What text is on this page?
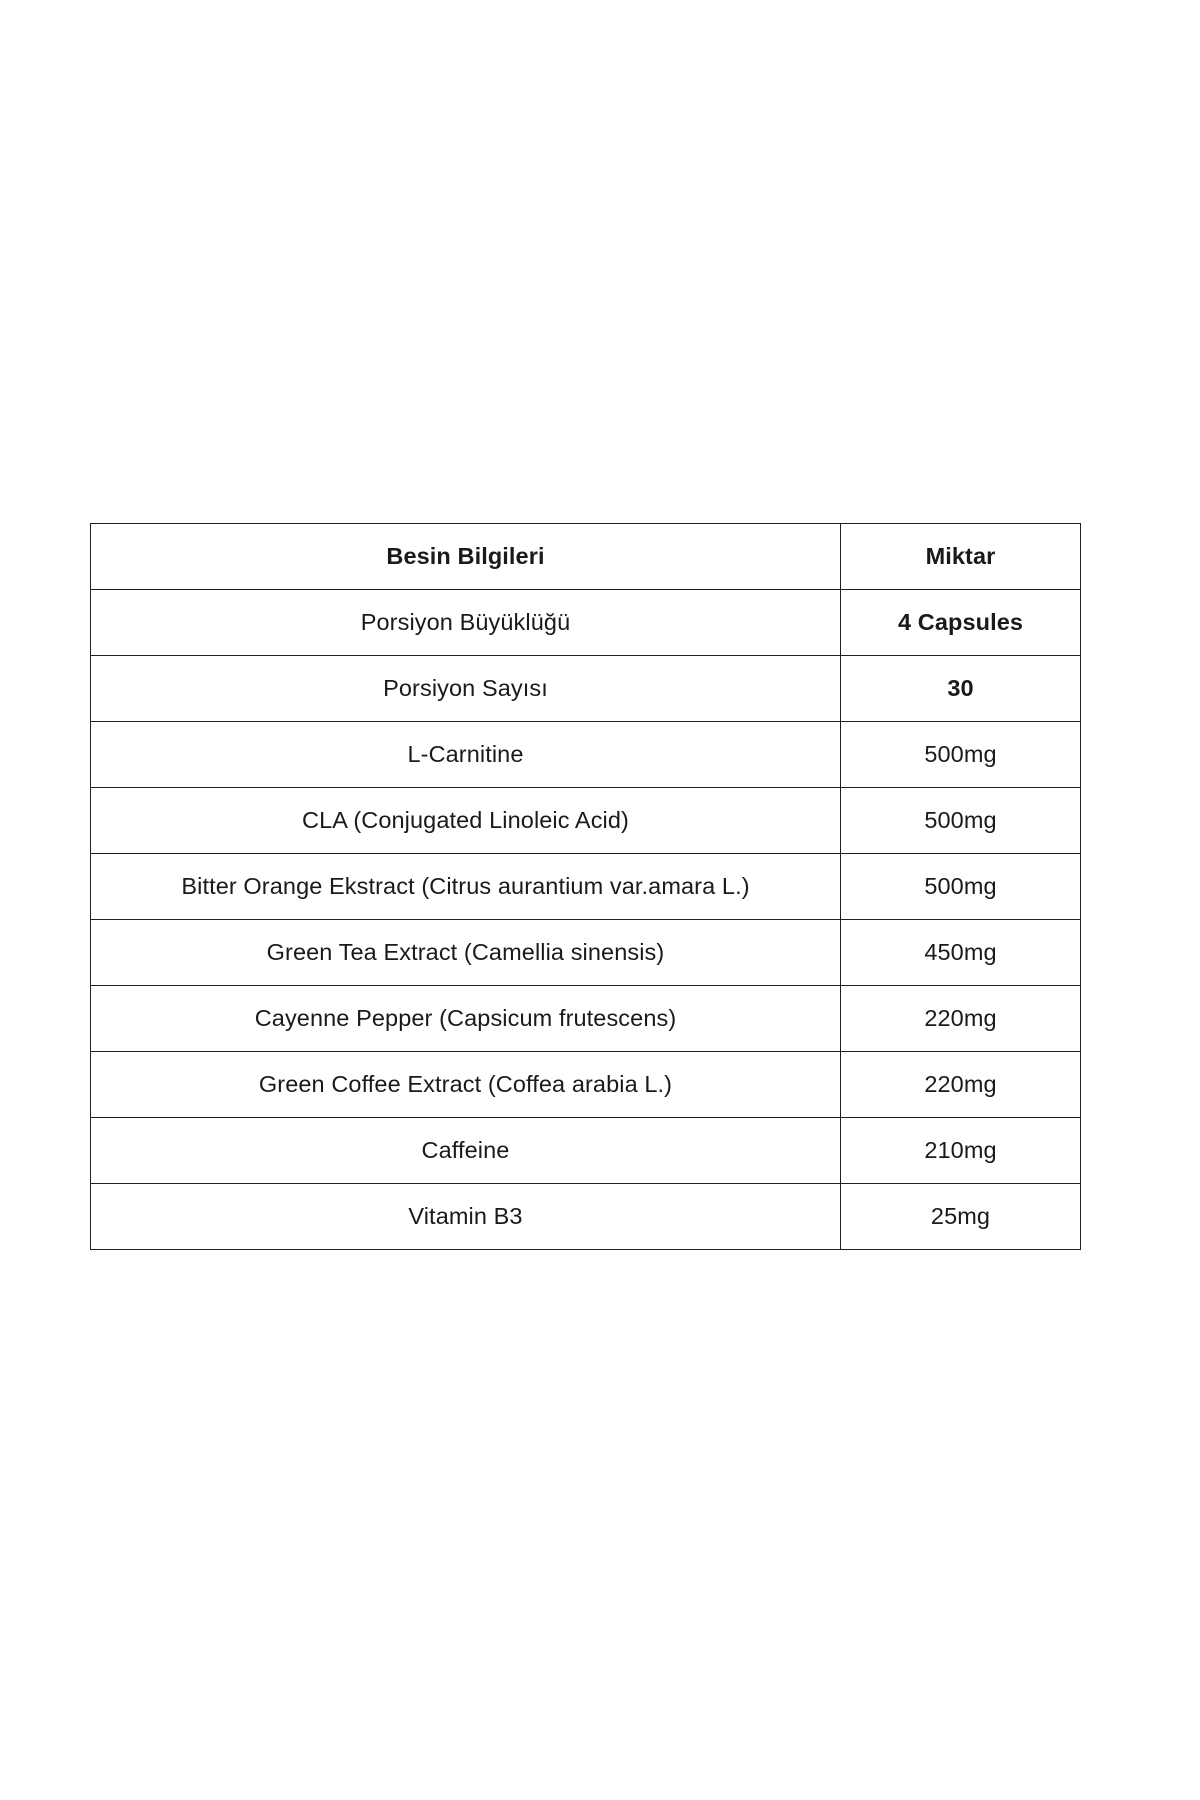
Besin Bilgileri	Miktar
Porsiyon Büyüklüğü	4 Capsules
Porsiyon Sayısı	30
L-Carnitine	500mg
CLA (Conjugated Linoleic Acid)	500mg
Bitter Orange Ekstract (Citrus aurantium var.amara L.)	500mg
Green Tea Extract (Camellia sinensis)	450mg
Cayenne Pepper (Capsicum frutescens)	220mg
Green Coffee Extract (Coffea arabia L.)	220mg
Caffeine	210mg
Vitamin B3	25mg
